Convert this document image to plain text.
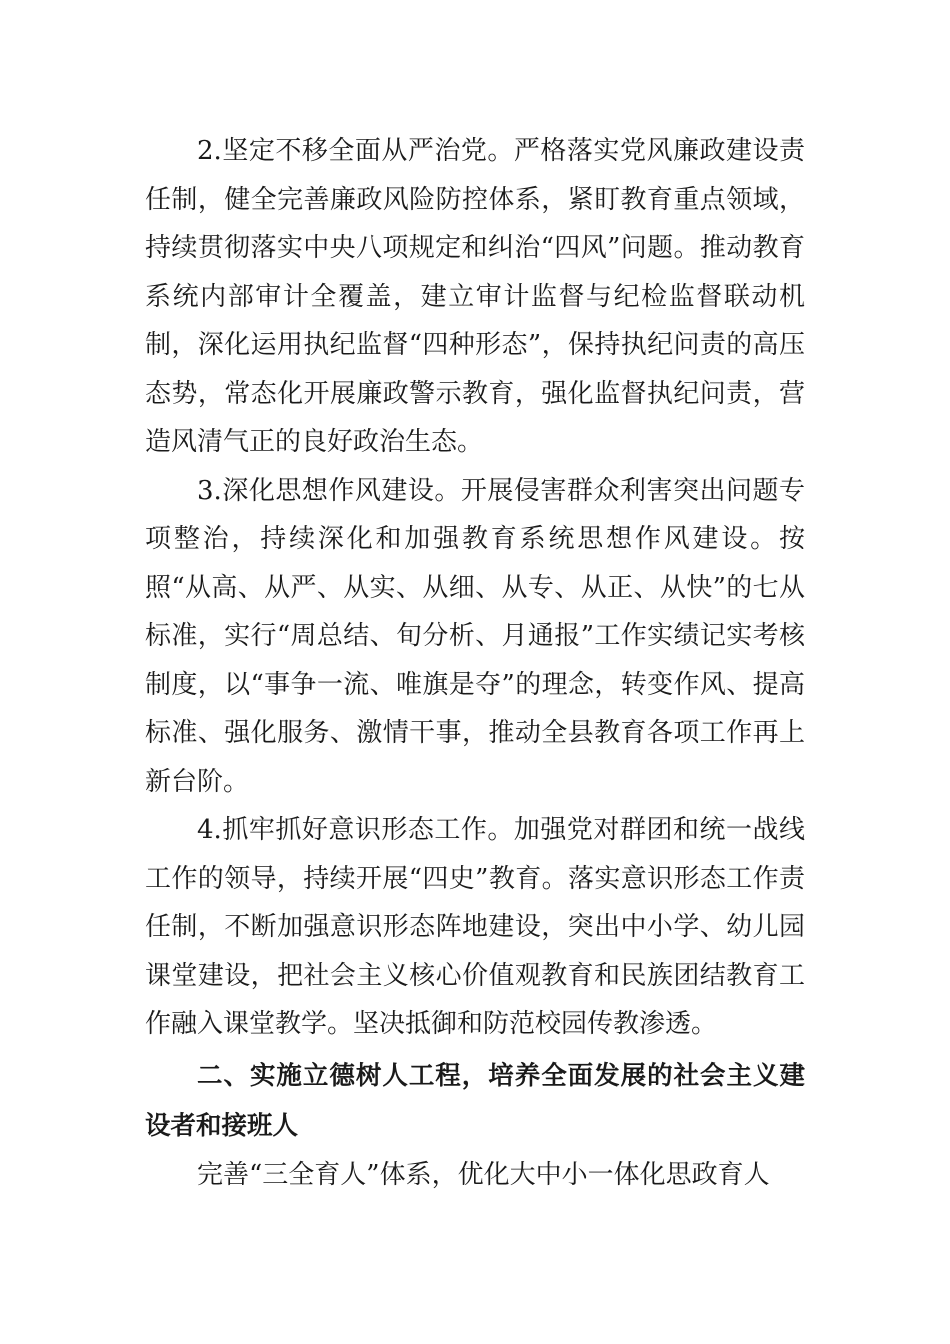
2.坚定不移全面从严治党。严格落实党风廉政建设责任制，健全完善廉政风险防控体系，紧盯教育重点领域，持续贯彻落实中央八项规定和纠治“四风”问题。推动教育系统内部审计全覆盖，建立审计监督与纪检监督联动机制，深化运用执纪监督“四种形态”，保持执纪问责的高压态势，常态化开展廉政警示教育，强化监督执纪问责，营造风清气正的良好政治生态。

3.深化思想作风建设。开展侵害群众利害突出问题专项整治，持续深化和加强教育系统思想作风建设。按照“从高、从严、从实、从细、从专、从正、从快”的七从标准，实行“周总结、旬分析、月通报”工作实绩记实考核制度，以“事争一流、唯旗是夺”的理念，转变作风、提高标准、强化服务、激情干事，推动全县教育各项工作再上新台阶。

4.抓牢抓好意识形态工作。加强党对群团和统一战线工作的领导，持续开展“四史”教育。落实意识形态工作责任制，不断加强意识形态阵地建设，突出中小学、幼儿园课堂建设，把社会主义核心价值观教育和民族团结教育工作融入课堂教学。坚决抵御和防范校园传教渗透。

二、实施立德树人工程，培养全面发展的社会主义建设者和接班人

完善“三全育人”体系，优化大中小一体化思政育人
